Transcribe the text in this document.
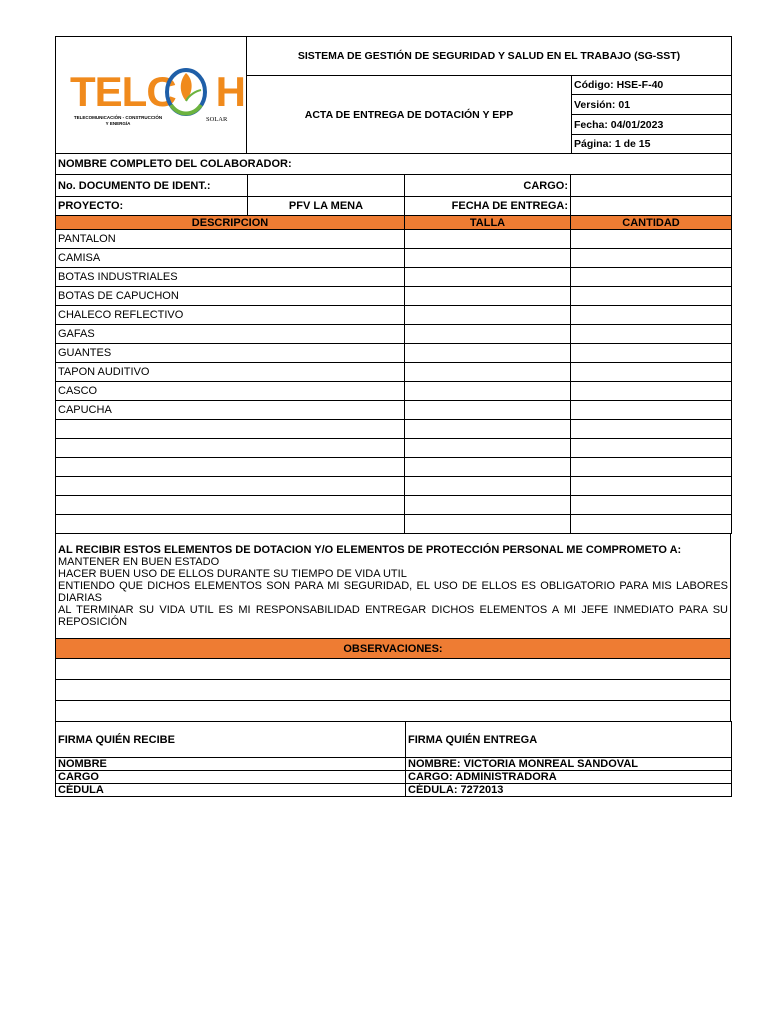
TELC H
TELECOMUNICACIÓN - CONSTRUCCIÓN
Y ENERGÍA
SOLAR	SISTEMA DE GESTIÓN DE SEGURIDAD Y SALUD EN EL TRABAJO (SG-SST)	
	ACTA DE ENTREGA DE DOTACIÓN Y EPP	Código: HSE-F-40
		Versión: 01
		Fecha: 04/01/2023
		Página: 1 de 15
NOMBRE COMPLETO DEL COLABORADOR:			
No. DOCUMENTO DE IDENT.:		CARGO:	
PROYECTO:	PFV LA MENA	FECHA DE ENTREGA:	
DESCRIPCION		TALLA	CANTIDAD
PANTALON			
CAMISA			
BOTAS INDUSTRIALES			
BOTAS DE CAPUCHON			
CHALECO REFLECTIVO			
GAFAS			
GUANTES			
TAPON AUDITIVO			
CASCO			
CAPUCHA			

AL RECIBIR ESTOS ELEMENTOS DE DOTACION Y/O ELEMENTOS DE PROTECCIÓN PERSONAL ME COMPROMETO A:
MANTENER EN BUEN ESTADO
HACER BUEN USO DE ELLOS DURANTE SU TIEMPO DE VIDA UTIL
ENTIENDO QUE DICHOS ELEMENTOS SON PARA MI SEGURIDAD, EL USO DE ELLOS ES OBLIGATORIO PARA MIS LABORES DIARIAS
AL TERMINAR SU VIDA UTIL ES MI RESPONSABILIDAD ENTREGAR DICHOS ELEMENTOS A MI JEFE INMEDIATO PARA SU REPOSICIÓN

OBSERVACIONES:

FIRMA QUIÉN RECIBE	FIRMA QUIÉN ENTREGA
NOMBRE	NOMBRE: VICTORIA MONREAL SANDOVAL
CARGO	CARGO: ADMINISTRADORA
CÉDULA	CÉDULA: 7272013
